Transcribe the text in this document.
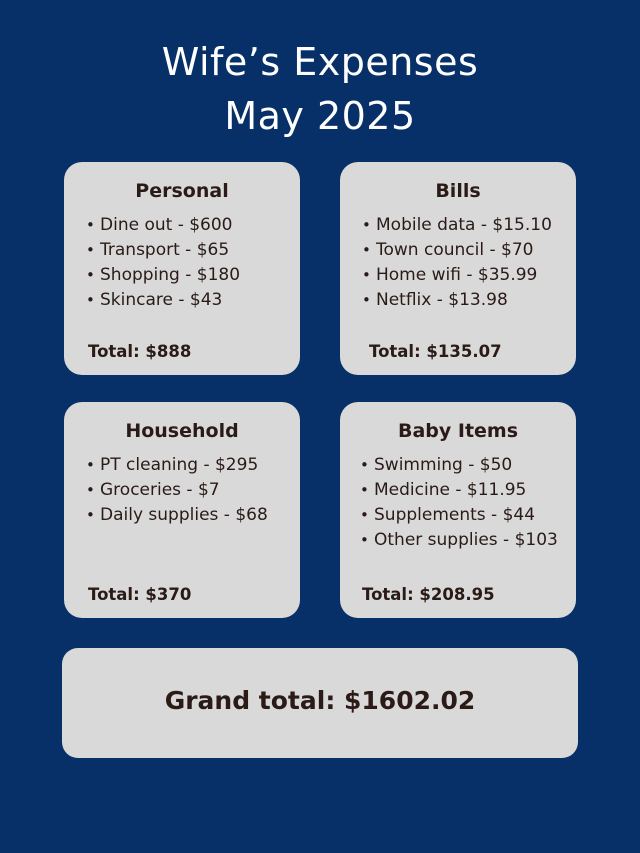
Wife’s Expenses
May 2025
Personal
• Dine out - $600
• Transport - $65
• Shopping - $180
• Skincare - $43
Total: $888
Bills
• Mobile data - $15.10
• Town council - $70
• Home wifi - $35.99
• Netflix - $13.98
Total: $135.07
Household
• PT cleaning - $295
• Groceries - $7
• Daily supplies - $68
Total: $370
Baby Items
• Swimming - $50
• Medicine - $11.95
• Supplements - $44
• Other supplies - $103
Total: $208.95
Grand total: $1602.02
